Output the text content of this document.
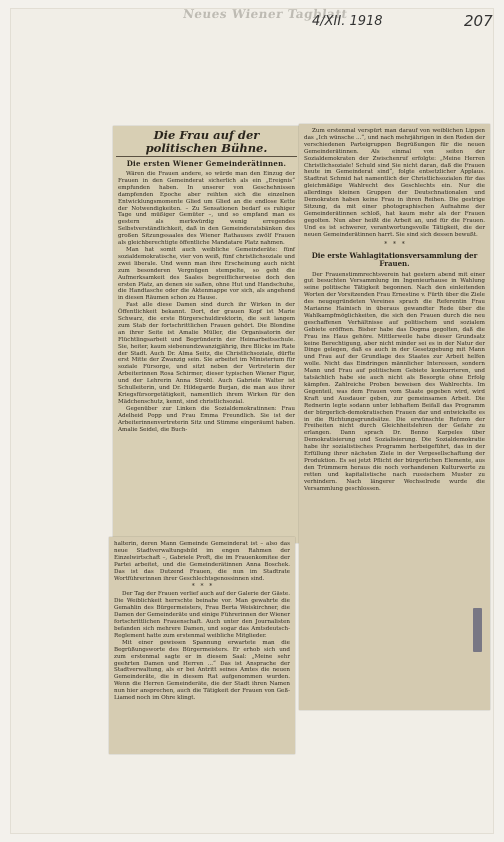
Neues Wiener Tagblatt
4/XII. 1918	207
Die Frau auf der politischen Bühne.
Die ersten Wiener Gemeinderätinnen.

Wären die Frauen andere, so würde man den Einzug der Frauen in den Gemeinderat sicherlich als ein „Ereignis“ empfunden haben. In unserer von Geschehnissen dampfenden Epoche aber reihten sich die einzelnen Entwicklungsmomente Glied um Glied an die endlose Kette der Notwendigkeiten. – Zu Sensationen bedarf es ruhiger Tage und müßiger Gemüter –, und so empfand man es gestern als merkwürdig wenig erregendes Selbstverständlichkeit, daß in den Gemeinderatsbänken des großen Sitzungssaales des Wiener Rathauses zwölf Frauen als gleichberechtigte öffentliche Mandatare Platz nahmen.

Man hat somit auch weibliche Gemeinderäte: fünf sozialdemokratische, vier von weiß, fünf christlichsoziale und zwei liberale. Und wenn man ihre Erscheinung auch nicht zum besonderen Vergnügen stempelte, so geht die Aufmerksamkeit des Saales begreiflicherweise doch den ersten Platz, an denen sie saßen, ohne Hut und Handschuhe, die Handtasche oder die Aktenmappe vor sich, als angehend in diesen Räumen schon zu Hause.

Fast alle diese Damen sind durch ihr Wirken in der Öffentlichkeit bekannt. Dort, der grauen Kopf ist Marie Schwarz, die erste Bürgerschuldirektorin, die seit langem zum Stab der fortschrittlichen Frauen gehört. Die Blondine an ihrer Seite ist Amalie Müller, die Organisatorin der Flüchtlingsarbeit und Begründerin der Heimarbeitsschule. Sie, heiter, kaum siebenundzwanzigjährig, ihre Blicke im Rate der Stadt. Auch Dr. Alma Seitz, die Christlichsoziale, dürfte erst Mitte der Zwanzig sein. Sie arbeitet im Ministerium für soziale Fürsorge, und sitzt neben der Vertreterin der Arbeiterinnen Rosa Schirmer, dieser typischen Wiener Figur, und der Lehrerin Anna Strobl. Auch Gabriele Walter ist Schulleiterin, und Dr. Hildegarde Burjan, die man aus ihrer Kriegsfürsorgetätigkeit, namentlich ihrem Wirken für den Mädchenschutz, kennt, sind christlichsozial.

Gegenüber zur Linken die Sozialdemokratinnen: Frau Adelheid Popp und Frau Emma Freundlich. Sie ist der Arbeiterinnenvertreterin Sitz und Stimme eingeräumt haben. Amalie Seidel, die Buch-

halterin, deren Mann Gemeinde Gemeinderat ist – also das neue Stadtverwaltungsbild im engen Rahmen der Einzelwirtschaft –, Gabriele Proft, die im Frauenkomitee der Partei arbeitet, und die Gemeinderätinnen Anna Boschek. Das ist das Dutzend Frauen, die nun im Stadtrate Wortführerinnen ihrer Geschlechtsgenossinnen sind.

*   *   *

Der Tag der Frauen verlief auch auf der Galerie der Gäste. Die Weiblichkeit herrschte beinahe vor. Man gewahrte die Gemahlin des Bürgermeisters, Frau Berta Weiskirchner, die Damen der Gemeinderäte und einige Führerinnen der Wiener fortschrittlichen Frauenschaft. Auch unter den Journalisten befanden sich mehrere Damen, und sogar das Amtsdeutsch-Reglement hatte zum erstenmal weibliche Mitglieder.

Mit einer gewissen Spannung erwartete man die Begrüßungsworte des Bürgermeisters. Er erhob sich und zum erstenmal sagte er in diesem Saal: „Meine sehr geehrten Damen und Herren ...“ Das ist Ansprache der Stadtverwaltung, als er bei Antritt seines Amtes die neuen Gemeinderäte, die in diesem Rat aufgenommen wurden. Wenn die Herren Gemeinderäte, die der Stadt ihren Namen nun hier ansprechen, auch die Tätigkeit der Frauen von Geß-Liamed noch im Ohre klingt.

Zum erstenmal verspürt man darauf von weiblichen Lippen das „Ich wünsche ...“, und nach mehrjährigen in den Reden der verschiedenen Parteigruppen Begrüßungen für die neuen Gemeinderätinnen. Als einmal von seiten der Sozialdemokraten der Zwischenruf erfolgte: „Meine Herren Christlichsoziale! Schuld sind Sie nicht daran, daß die Frauen heute im Gemeinderat sind“, folgte entsetzlicher Applaus. Stadtrat Schmid hat namentlich der Christlichsozialen für das gleichmäßige Wahlrecht des Geschlechts ein. Nur die allerdings kleinen Gruppen der Deutschnationalen und Demokraten haben keine Frau in ihren Reihen. Die gestrige Sitzung, da mit einer photographischen Aufnahme der Gemeinderätinnen schloß, hat kaum mehr als der Frauen gegolten. Nun aber heißt die Arbeit an, und für die Frauen. Und es ist schwerer, verantwortungsvolle Tätigkeit, die der neuen Gemeinderätinnen harrt. Sie sind sich dessen bewußt.

*   *   *
Die erste Wahlagitationsversammlung der Frauen.

Der Frauenstimmrechtsverein hat gestern abend mit einer gut besuchten Versammlung im Ingenieurhause in Wahlung seine politische Tätigkeit begonnen. Nach den einleitenden Worten der Vorsitzenden Frau Ernestine v. Fürth über die Ziele des neugegründeten Vereines sprach die Referentin Frau Marianne Hainisch in überaus gewandter Rede über die Wahlkampfmöglichkeiten, die sich den Frauen durch die neu geschaffenen Verhältnisse auf politischem und sozialem Gebiete eröffnen. Bisher habe das Dogma gegolten, daß die Frau ins Haus gehöre. Mittlerweile habe dieser Grundsatz keine Berechtigung, aber nicht minder sei es in der Natur der Dinge gelegen, daß es auch in der Gesetzgebung mit Mann und Frau auf der Grundlage des Staates zur Arbeit helfen wolle. Nicht das Eindringen männlicher Interessen, sondern Mann und Frau auf politischem Gebiete konkurrieren, und tatsächlich habe sie auch nicht als Besorgte ohne Erfolg kämpfen. Zahlreiche Proben beweisen des Wahlrechts. Im Gegenteil, was dem Frauen vom Staate gegeben wird, wird Kraft und Ausdauer geben, zur gemeinsamen Arbeit. Die Rednerin legte sodann unter lebhaftem Beifall das Programm der bürgerlich-demokratischen Frauen dar und entwickelte es in die Richtungsgrundsätze. Die erwünschte Reform der Freiheiten nicht durch Gleichheitslehren der Gefahr zu erlangen. Dann sprach Dr. Benno Karpeles über Demokratisierung und Sozialisierung. Die Sozialdemokratie habe ihr sozialistisches Programm herbeigeführt, das in der Erfüllung ihrer nächsten Ziele in der Vergesellschaftung der Produktion. Es sei jetzt Pflicht der bürgerlichen Elemente, aus den Trümmern heraus die noch vorhandenen Kulturwerte zu retten und kapitalistische nach russischem Muster zu verhindern. Nach längerer Wechselrede wurde die Versammlung geschlossen.
